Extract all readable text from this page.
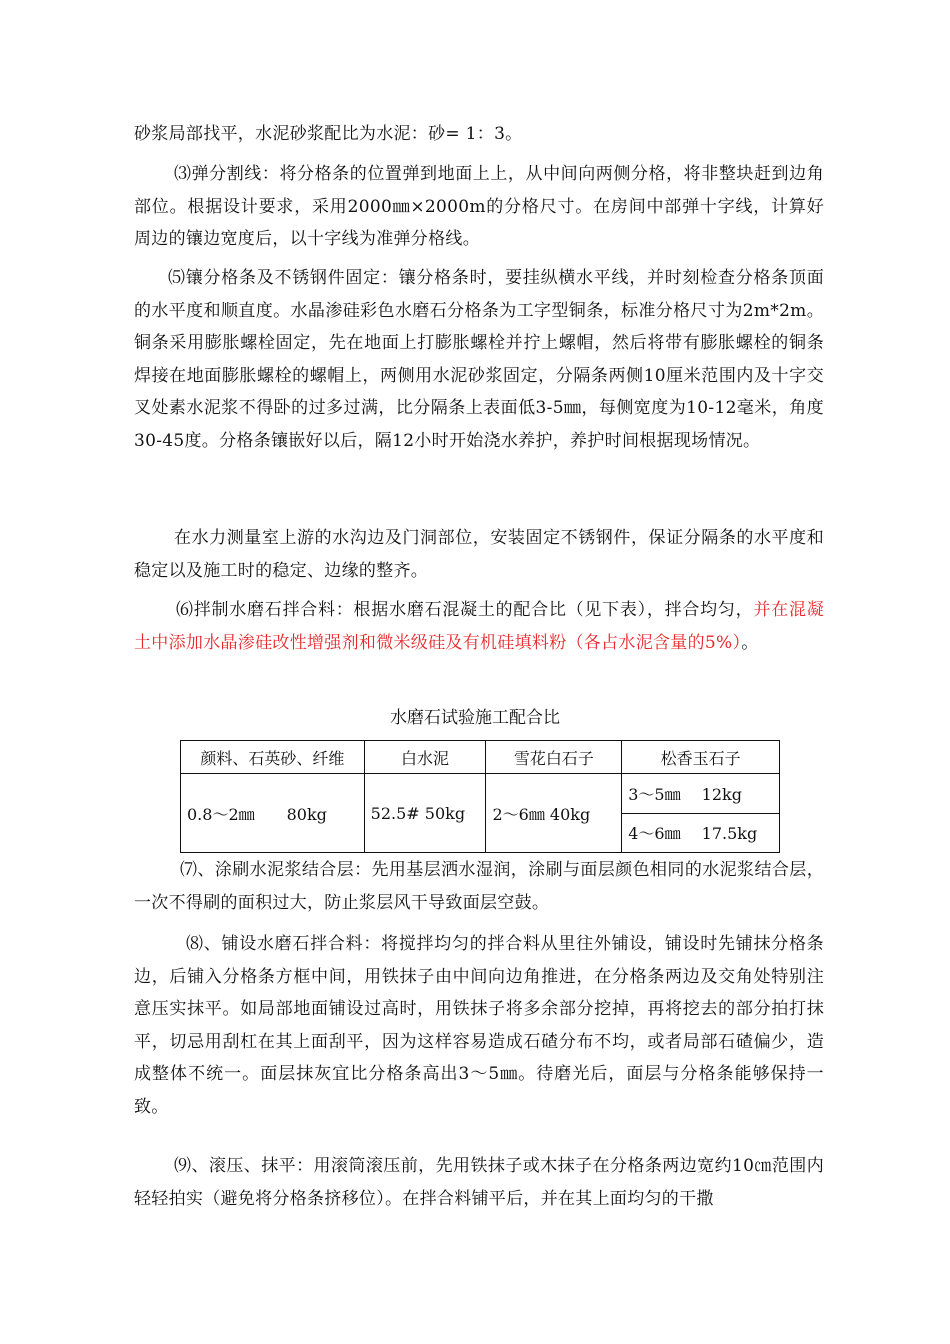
砂浆局部找平，水泥砂浆配比为水泥：砂= 1：3。

⑶弹分割线：将分格条的位置弹到地面上上，从中间向两侧分格，将非整块赶到边角部位。根据设计要求，采用2000㎜×2000m的分格尺寸。在房间中部弹十字线，计算好周边的镶边宽度后，以十字线为准弹分格线。

⑸镶分格条及不锈钢件固定：镶分格条时，要挂纵横水平线，并时刻检查分格条顶面的水平度和顺直度。水晶渗硅彩色水磨石分格条为工字型铜条，标准分格尺寸为2m*2m。铜条采用膨胀螺栓固定，先在地面上打膨胀螺栓并拧上螺帽，然后将带有膨胀螺栓的铜条焊接在地面膨胀螺栓的螺帽上，两侧用水泥砂浆固定，分隔条两侧10厘米范围内及十字交叉处素水泥浆不得卧的过多过满，比分隔条上表面低3-5㎜，每侧宽度为10-12毫米，角度30-45度。分格条镶嵌好以后，隔12小时开始浇水养护，养护时间根据现场情况。

在水力测量室上游的水沟边及门洞部位，安装固定不锈钢件，保证分隔条的水平度和稳定以及施工时的稳定、边缘的整齐。

⑹拌制水磨石拌合料：根据水磨石混凝土的配合比（见下表），拌合均匀，并在混凝土中添加水晶渗硅改性增强剂和微米级硅及有机硅填料粉（各占水泥含量的5%）。

水磨石试验施工配合比
颜料、石英砂、纤维	白水泥	雪花白石子	松香玉石子
0.8～2㎜　　80kg	52.5# 50kg	2～6㎜ 40kg	3～5㎜　 12kg
			4～6㎜　 17.5kg

⑺、涂刷水泥浆结合层：先用基层洒水湿润，涂刷与面层颜色相同的水泥浆结合层，一次不得刷的面积过大，防止浆层风干导致面层空鼓。

⑻、铺设水磨石拌合料：将搅拌均匀的拌合料从里往外铺设，铺设时先铺抹分格条边，后铺入分格条方框中间，用铁抹子由中间向边角推进，在分格条两边及交角处特别注意压实抹平。如局部地面铺设过高时，用铁抹子将多余部分挖掉，再将挖去的部分拍打抹平，切忌用刮杠在其上面刮平，因为这样容易造成石碴分布不均，或者局部石碴偏少，造成整体不统一。面层抹灰宜比分格条高出3～5㎜。待磨光后，面层与分格条能够保持一致。

⑼、滚压、抹平：用滚筒滚压前，先用铁抹子或木抹子在分格条两边宽约10㎝范围内轻轻拍实（避免将分格条挤移位）。在拌合料铺平后，并在其上面均匀的干撒
